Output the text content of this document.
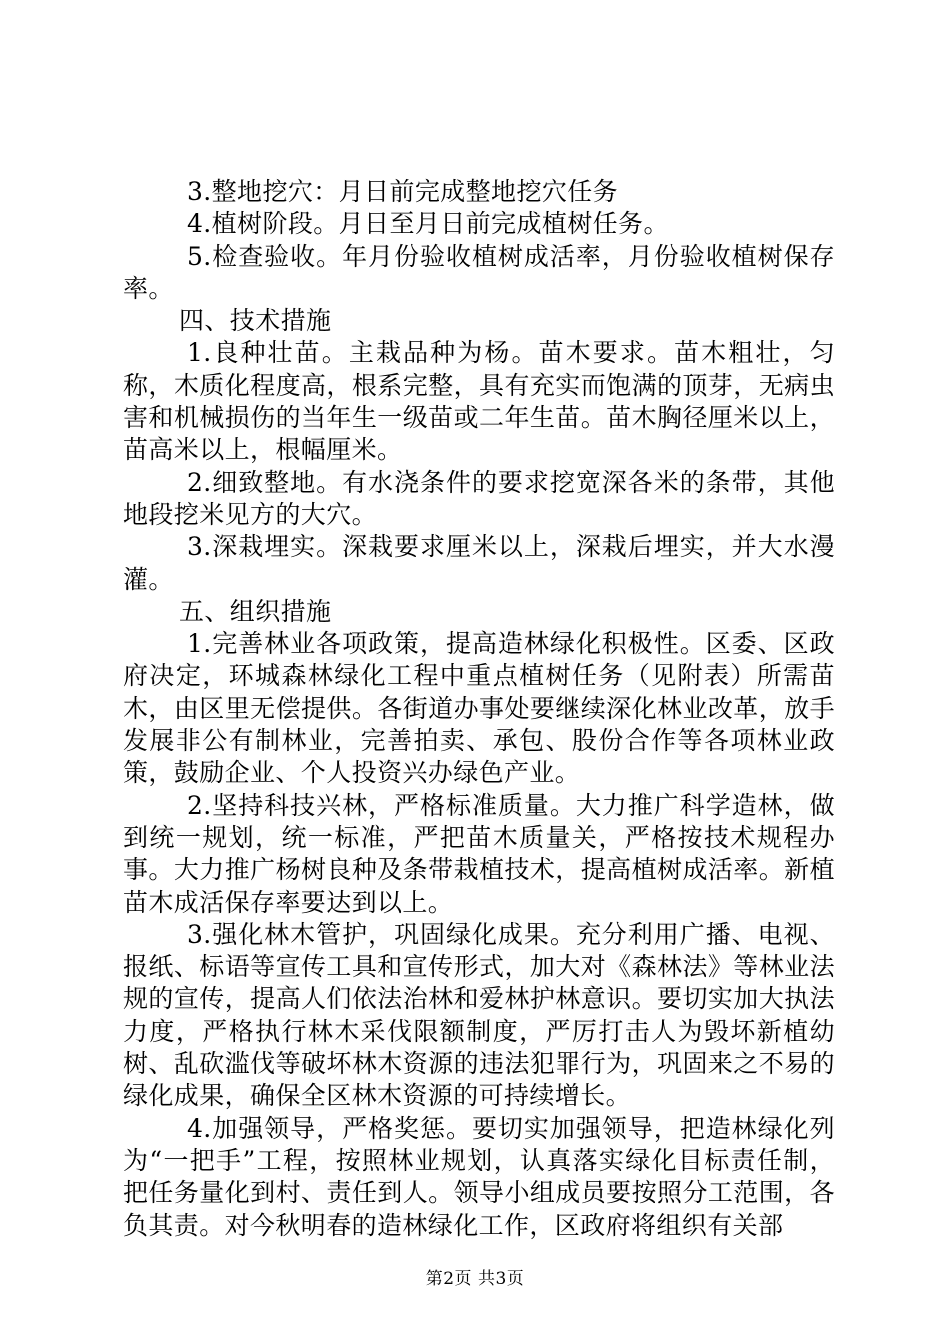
3.整地挖穴：月日前完成整地挖穴任务

4.植树阶段。月日至月日前完成植树任务。

5.检查验收。年月份验收植树成活率，月份验收植树保存率。

四、技术措施

1.良种壮苗。主栽品种为杨。苗木要求。苗木粗壮，匀称，木质化程度高，根系完整，具有充实而饱满的顶芽，无病虫害和机械损伤的当年生一级苗或二年生苗。苗木胸径厘米以上，苗高米以上，根幅厘米。

2.细致整地。有水浇条件的要求挖宽深各米的条带，其他地段挖米见方的大穴。

3.深栽埋实。深栽要求厘米以上，深栽后埋实，并大水漫灌。

五、组织措施

1.完善林业各项政策，提高造林绿化积极性。区委、区政府决定，环城森林绿化工程中重点植树任务（见附表）所需苗木，由区里无偿提供。各街道办事处要继续深化林业改革，放手发展非公有制林业，完善拍卖、承包、股份合作等各项林业政策，鼓励企业、个人投资兴办绿色产业。

2.坚持科技兴林，严格标准质量。大力推广科学造林，做到统一规划，统一标准，严把苗木质量关，严格按技术规程办事。大力推广杨树良种及条带栽植技术，提高植树成活率。新植苗木成活保存率要达到以上。

3.强化林木管护，巩固绿化成果。充分利用广播、电视、报纸、标语等宣传工具和宣传形式，加大对《森林法》等林业法规的宣传，提高人们依法治林和爱林护林意识。要切实加大执法力度，严格执行林木采伐限额制度，严厉打击人为毁坏新植幼树、乱砍滥伐等破坏林木资源的违法犯罪行为，巩固来之不易的绿化成果，确保全区林木资源的可持续增长。

4.加强领导，严格奖惩。要切实加强领导，把造林绿化列为“一把手”工程，按照林业规划，认真落实绿化目标责任制，把任务量化到村、责任到人。领导小组成员要按照分工范围，各负其责。对今秋明春的造林绿化工作，区政府将组织有关部

第2页 共3页
